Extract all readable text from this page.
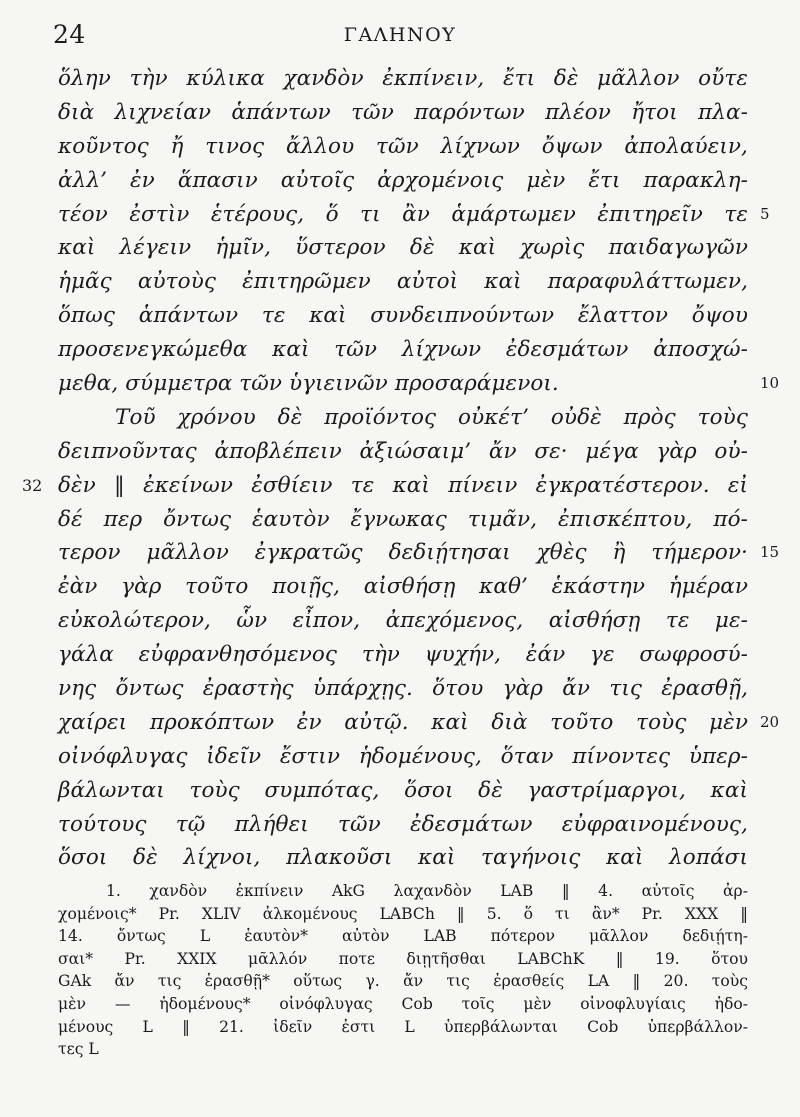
24	ΓΑΛΗΝΟΥ
ὅλην τὴν κύλικα χανδὸν ἐκπίνειν, ἔτι δὲ μᾶλλον οὔτε
διὰ λιχνείαν ἁπάντων τῶν παρόντων πλέον ἤτοι πλα-
κοῦντος ἤ τινος ἄλλου τῶν λίχνων ὄψων ἀπολαύειν,
ἀλλ’ ἐν ἅπασιν αὐτοῖς ἀρχομένοις μὲν ἔτι παρακλη-
τέον ἐστὶν ἑτέρους, ὅ τι ἂν ἁμάρτωμεν ἐπιτηρεῖν τε 5
καὶ λέγειν ἡμῖν, ὕστερον δὲ καὶ χωρὶς παιδαγωγῶν
ἡμᾶς αὐτοὺς ἐπιτηρῶμεν αὐτοὶ καὶ παραφυλάττωμεν,
ὅπως ἁπάντων τε καὶ συνδειπνούντων ἔλαττον ὄψου
προσενεγκώμεθα καὶ τῶν λίχνων ἐδεσμάτων ἀποσχώ-
μεθα, σύμμετρα τῶν ὑγιεινῶν προσαράμενοι.	10
Τοῦ χρόνου δὲ προϊόντος οὐκέτ’ οὐδὲ πρὸς τοὺς
δειπνοῦντας ἀποβλέπειν ἀξιώσαιμ’ ἄν σε· μέγα γὰρ οὐ-
32 δὲν ‖ ἐκείνων ἐσθίειν τε καὶ πίνειν ἐγκρατέστερον. εἰ
δέ περ ὄντως ἑαυτὸν ἔγνωκας τιμᾶν, ἐπισκέπτου, πό-
τερον μᾶλλον ἐγκρατῶς δεδιῄτησαι χθὲς ἢ τήμερον· 15
ἐὰν γὰρ τοῦτο ποιῇς, αἰσθήσῃ καθ’ ἑκάστην ἡμέραν
εὐκολώτερον, ὧν εἶπον, ἀπεχόμενος, αἰσθήσῃ τε με-
γάλα εὐφρανθησόμενος τὴν ψυχήν, ἐάν γε σωφροσύ-
νης ὄντως ἐραστὴς ὑπάρχῃς. ὅτου γὰρ ἄν τις ἐρασθῇ,
χαίρει προκόπτων ἐν αὐτῷ. καὶ διὰ τοῦτο τοὺς μὲν 20
οἰνόφλυγας ἰδεῖν ἔστιν ἡδομένους, ὅταν πίνοντες ὑπερ-
βάλωνται τοὺς συμπότας, ὅσοι δὲ γαστρίμαργοι, καὶ
τούτους τῷ πλήθει τῶν ἐδεσμάτων εὐφραινομένους,
ὅσοι δὲ λίχνοι, πλακοῦσι καὶ ταγήνοις καὶ λοπάσι
1. χανδὸν ἐκπίνειν AkG λαχανδὸν LAB ‖ 4. αὐτοῖς ἀρ-
χομένοις* Pr. XLIV ἀλκομένους LABCh ‖ 5. ὅ τι ἂν* Pr. XXX ‖
14. ὄντως L ἑαυτὸν* αὐτὸν LAB πότερον μᾶλλον δεδιῄτη-
σαι* Pr. XXIX μᾶλλόν ποτε διῃτῆσθαι LABChK ‖ 19. ὅτου
GAk ἄν τις ἐρασθῇ* οὕτως γ. ἄν τις ἐρασθείς LA ‖ 20. τοὺς
μὲν — ἡδομένους* οἰνόφλυγας Cob τοῖς μὲν οἰνοφλυγίαις ἡδο-
μένους L ‖ 21. ἰδεῖν ἐστι L ὑπερβάλωνται Cob ὑπερβάλλον-
τες L
